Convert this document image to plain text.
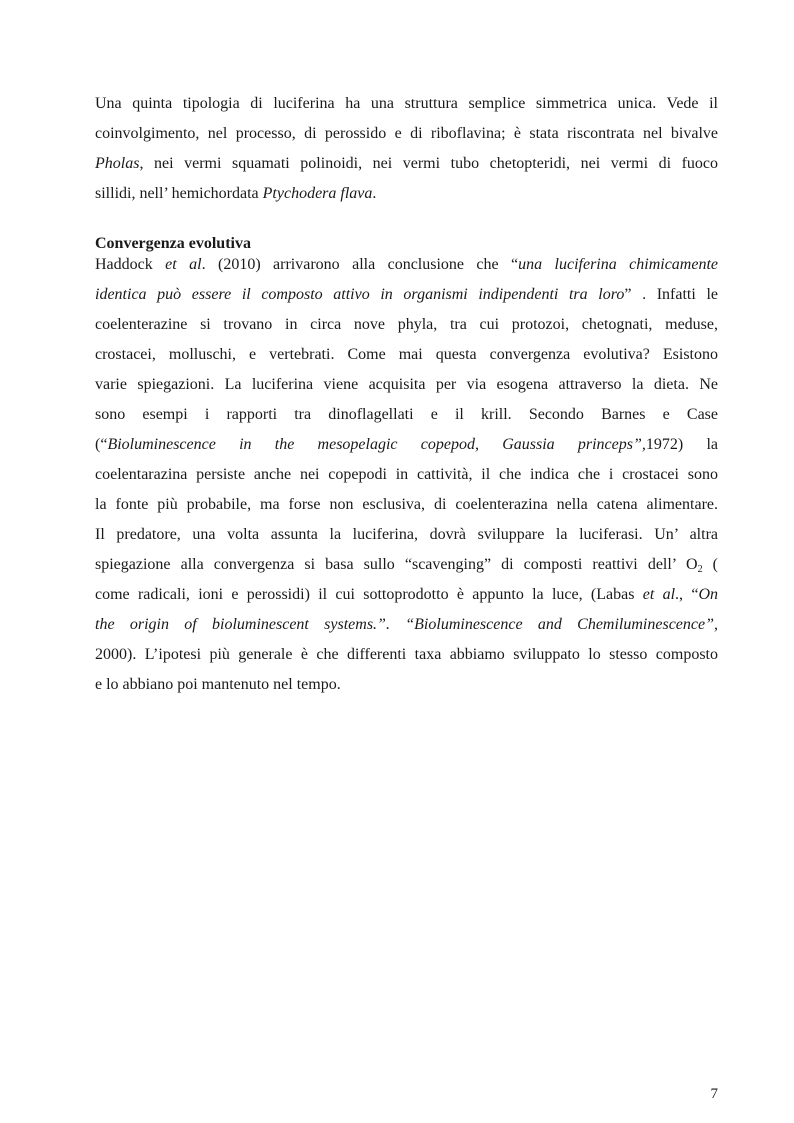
Una quinta tipologia di luciferina ha una struttura semplice simmetrica unica. Vede il
coinvolgimento, nel processo, di perossido e di riboflavina; è stata riscontrata nel bivalve
Pholas, nei vermi squamati polinoidi, nei vermi tubo chetopteridi, nei vermi di fuoco
sillidi, nell’ hemichordata Ptychodera flava.
Convergenza evolutiva
Haddock et al. (2010) arrivarono alla conclusione che “una luciferina chimicamente
identica può essere il composto attivo in organismi indipendenti tra loro” . Infatti le
coelenterazine si trovano in circa nove phyla, tra cui protozoi, chetognati, meduse,
crostacei, molluschi, e vertebrati. Come mai questa convergenza evolutiva? Esistono
varie spiegazioni. La luciferina viene acquisita per via esogena attraverso la dieta. Ne
sono esempi i rapporti tra dinoflagellati e il krill. Secondo Barnes e Case
(“Bioluminescence in the mesopelagic copepod, Gaussia princeps”,1972) la
coelentarazina persiste anche nei copepodi in cattività, il che indica che i crostacei sono
la fonte più probabile, ma forse non esclusiva, di coelenterazina nella catena alimentare.
Il predatore, una volta assunta la luciferina, dovrà sviluppare la luciferasi. Un’ altra
spiegazione alla convergenza si basa sullo “scavenging” di composti reattivi dell’ $O_2$ (
come radicali, ioni e perossidi) il cui sottoprodotto è appunto la luce, (Labas et al., “On
the origin of bioluminescent systems.”. “Bioluminescence and Chemiluminescence”,
2000). L’ipotesi più generale è che differenti taxa abbiamo sviluppato lo stesso composto
e lo abbiano poi mantenuto nel tempo.
7
